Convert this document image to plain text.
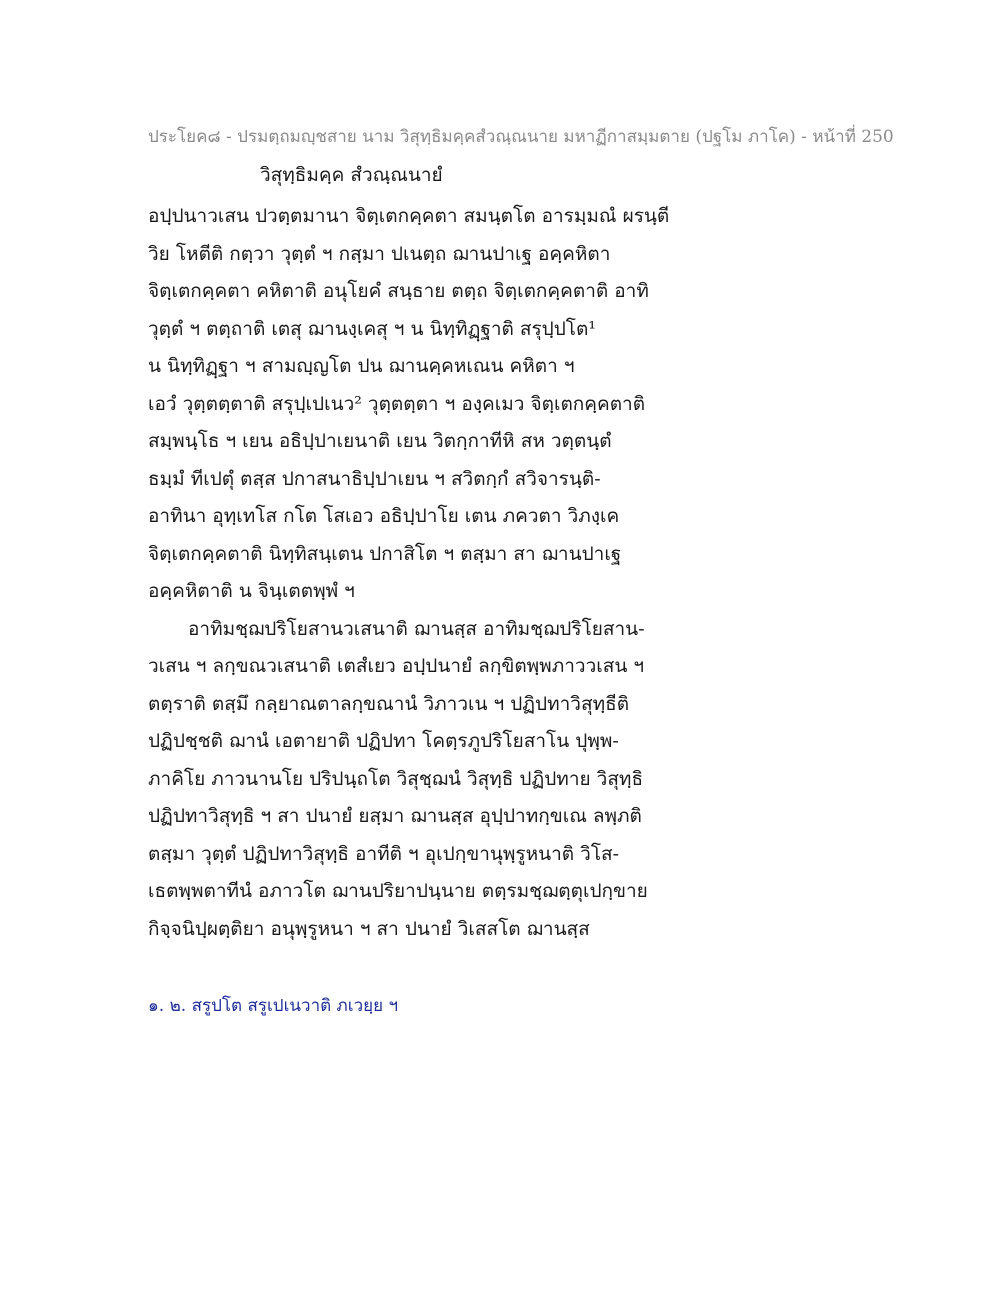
ประโยค๘ - ปรมตฺถมญฺชสาย นาม วิสุทฺธิมคฺคสํวณฺณนาย มหาฏีกาสมฺมตาย (ปฐโม ภาโค) - หน้าที่ 250
วิสุทฺธิมคฺค สํวณฺณนายํ
อปฺปนาวเสน ปวตฺตมานา จิตฺเตกคฺคตา สมนฺตโต อารมฺมณํ ผรนฺตี
วิย โหตีติ กตฺวา วุตฺตํ ฯ กสฺมา ปเนตฺถ ฌานปาเฐ อคฺคหิตา
จิตฺเตกคฺคตา คหิตาติ อนุโยคํ สนฺธาย ตตฺถ จิตฺเตกคฺคตาติ อาทิ
วุตฺตํ ฯ ตตฺถาติ เตสุ ฌานงฺเคสุ ฯ น นิทฺทิฏฺฐาติ สรุปฺปโต¹
น นิทฺทิฏฺฐา ฯ สามญฺญโต ปน ฌานคฺคหเณน คหิตา ฯ
เอวํ วุตฺตตฺตาติ สรุปฺเปเนว² วุตฺตตฺตา ฯ องฺคเมว จิตฺเตกคฺคตาติ
สมฺพนฺโธ ฯ เยน อธิปฺปาเยนาติ เยน วิตกฺกาทีหิ สห วตฺตนฺตํ
ธมฺมํ ทีเปตุํ ตสฺส ปกาสนาธิปฺปาเยน ฯ สวิตกฺกํ สวิจารนฺติ-
อาทินา อุทฺเทโส กโต โสเอว อธิปฺปาโย เตน ภควตา วิภงฺเค
จิตฺเตกคฺคตาติ นิทฺทิสนฺเตน ปกาสิโต ฯ ตสฺมา สา ฌานปาเฐ
อคฺคหิตาติ น จินฺเตตพฺพํ ฯ
อาทิมชฺฌปริโยสานวเสนาติ ฌานสฺส อาทิมชฺฌปริโยสาน-
วเสน ฯ ลกฺขณวเสนาติ เตสํเยว อปฺปนายํ ลกฺขิตพฺพภาววเสน ฯ
ตตฺราติ ตสฺมึ กลฺยาณตาลกฺขณานํ วิภาวเน ฯ ปฏิปทาวิสุทฺธีติ
ปฏิปชฺชติ ฌานํ เอตายาติ ปฏิปทา โคตฺรภูปริโยสาโน ปุพฺพ-
ภาคิโย ภาวนานโย ปริปนฺถโต วิสุชฺฌนํ วิสุทฺธิ ปฏิปทาย วิสุทฺธิ
ปฏิปทาวิสุทฺธิ ฯ สา ปนายํ ยสฺมา ฌานสฺส อุปฺปาทกฺขเณ ลพฺภติ
ตสฺมา วุตฺตํ ปฏิปทาวิสุทฺธิ อาทีติ ฯ อุเปกฺขานุพฺรูหนาติ วิโส-
เธตพฺพตาทีนํ อภาวโต ฌานปริยาปนฺนาย ตตฺรมชฺฌตฺตุเปกฺขาย
กิจฺจนิปฺผตฺติยา อนุพฺรูหนา ฯ สา ปนายํ วิเสสโต ฌานสฺส
๑. ๒. สรูปโต สรูเปเนวาติ ภเวยฺย ฯ
